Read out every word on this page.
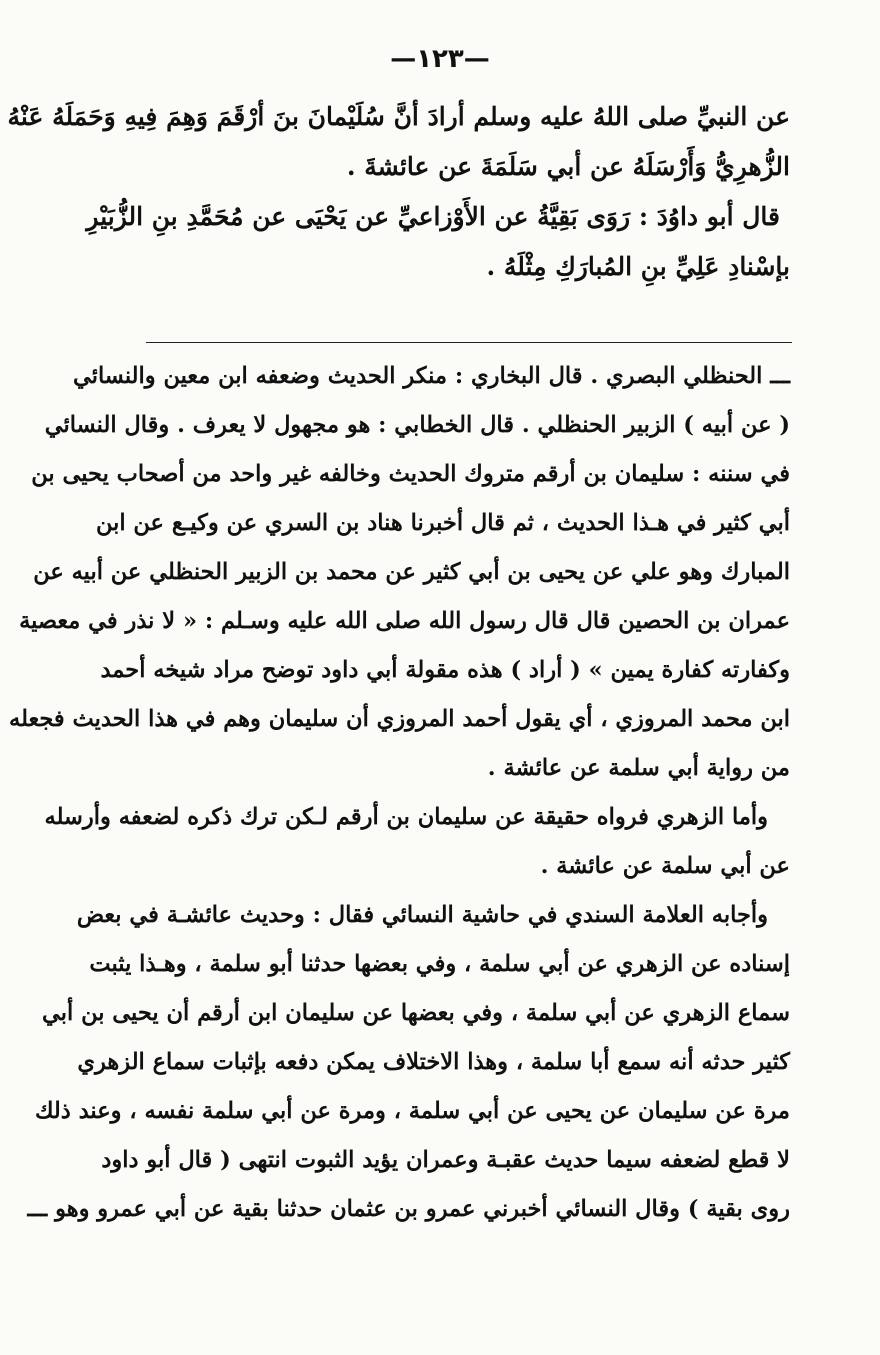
—١٢٣—
عن النبيِّ صلى اللهُ عليه وسلم أرادَ أنَّ سُلَيْمانَ بنَ أرْقَمَ وَهِمَ فِيهِ وَحَمَلَهُ عَنْهُ
الزُّهرِيُّ وَأَرْسَلَهُ عن أبي سَلَمَةَ عن عائشةَ .
قال أبو داوُدَ : رَوَى بَقِيَّةُ عن الأَوْزاعيِّ عن يَحْيَى عن مُحَمَّدِ بنِ الزُّبَيْرِ
بإسْنادِ عَلِيِّ بنِ المُبارَكِ مِثْلَهُ .
ـــ الحنظلي البصري . قال البخاري : منكر الحديث وضعفه ابن معين والنسائي
( عن أبيه ) الزبير الحنظلي . قال الخطابي : هو مجهول لا يعرف . وقال النسائي
في سننه : سليمان بن أرقم متروك الحديث وخالفه غير واحد من أصحاب يحيى بن
أبي كثير في هـذا الحديث ، ثم قال أخبرنا هناد بن السري عن وكيـع عن ابن
المبارك وهو علي عن يحيى بن أبي كثير عن محمد بن الزبير الحنظلي عن أبيه عن
عمران بن الحصين قال قال رسول الله صلى الله عليه وسـلم : « لا نذر في معصية
وكفارته كفارة يمين » ( أراد ) هذه مقولة أبي داود توضح مراد شيخه أحمد
ابن محمد المروزي ، أي يقول أحمد المروزي أن سليمان وهم في هذا الحديث فجعله
من رواية أبي سلمة عن عائشة .
وأما الزهري فرواه حقيقة عن سليمان بن أرقم لـكن ترك ذكره لضعفه وأرسله
عن أبي سلمة عن عائشة .
وأجابه العلامة السندي في حاشية النسائي فقال : وحديث عائشـة في بعض
إسناده عن الزهري عن أبي سلمة ، وفي بعضها حدثنا أبو سلمة ، وهـذا يثبت
سماع الزهري عن أبي سلمة ، وفي بعضها عن سليمان ابن أرقم أن يحيى بن أبي
كثير حدثه أنه سمع أبا سلمة ، وهذا الاختلاف يمكن دفعه بإثبات سماع الزهري
مرة عن سليمان عن يحيى عن أبي سلمة ، ومرة عن أبي سلمة نفسه ، وعند ذلك
لا قطع لضعفه سيما حديث عقبـة وعمران يؤيد الثبوت انتهى ( قال أبو داود
روى بقية ) وقال النسائي أخبرني عمرو بن عثمان حدثنا بقية عن أبي عمرو وهو ـــ
